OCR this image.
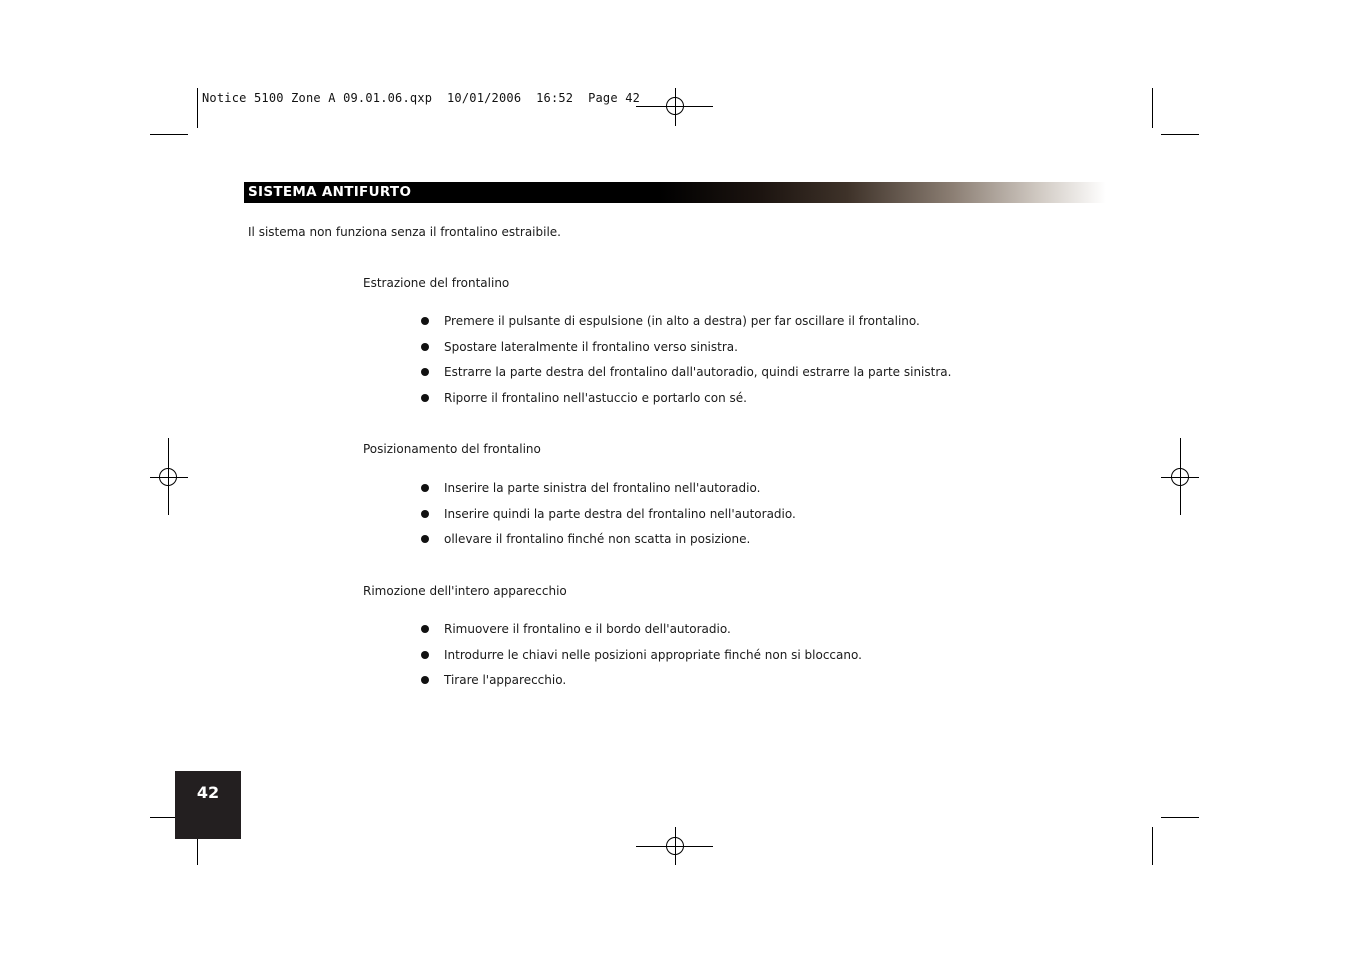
Notice 5100 Zone A 09.01.06.qxp  10/01/2006  16:52  Page 42
SISTEMA ANTIFURTO
Il sistema non funziona senza il frontalino estraibile.
Estrazione del frontalino
Premere il pulsante di espulsione (in alto a destra) per far oscillare il frontalino.
Spostare lateralmente il frontalino verso sinistra.
Estrarre la parte destra del frontalino dall'autoradio, quindi estrarre la parte sinistra.
Riporre il frontalino nell'astuccio e portarlo con sé.
Posizionamento del frontalino
Inserire la parte sinistra del frontalino nell'autoradio.
Inserire quindi la parte destra del frontalino nell'autoradio.
ollevare il frontalino finché non scatta in posizione.
Rimozione dell'intero apparecchio
Rimuovere il frontalino e il bordo dell'autoradio.
Introdurre le chiavi nelle posizioni appropriate finché non si bloccano.
Tirare l'apparecchio.
42
